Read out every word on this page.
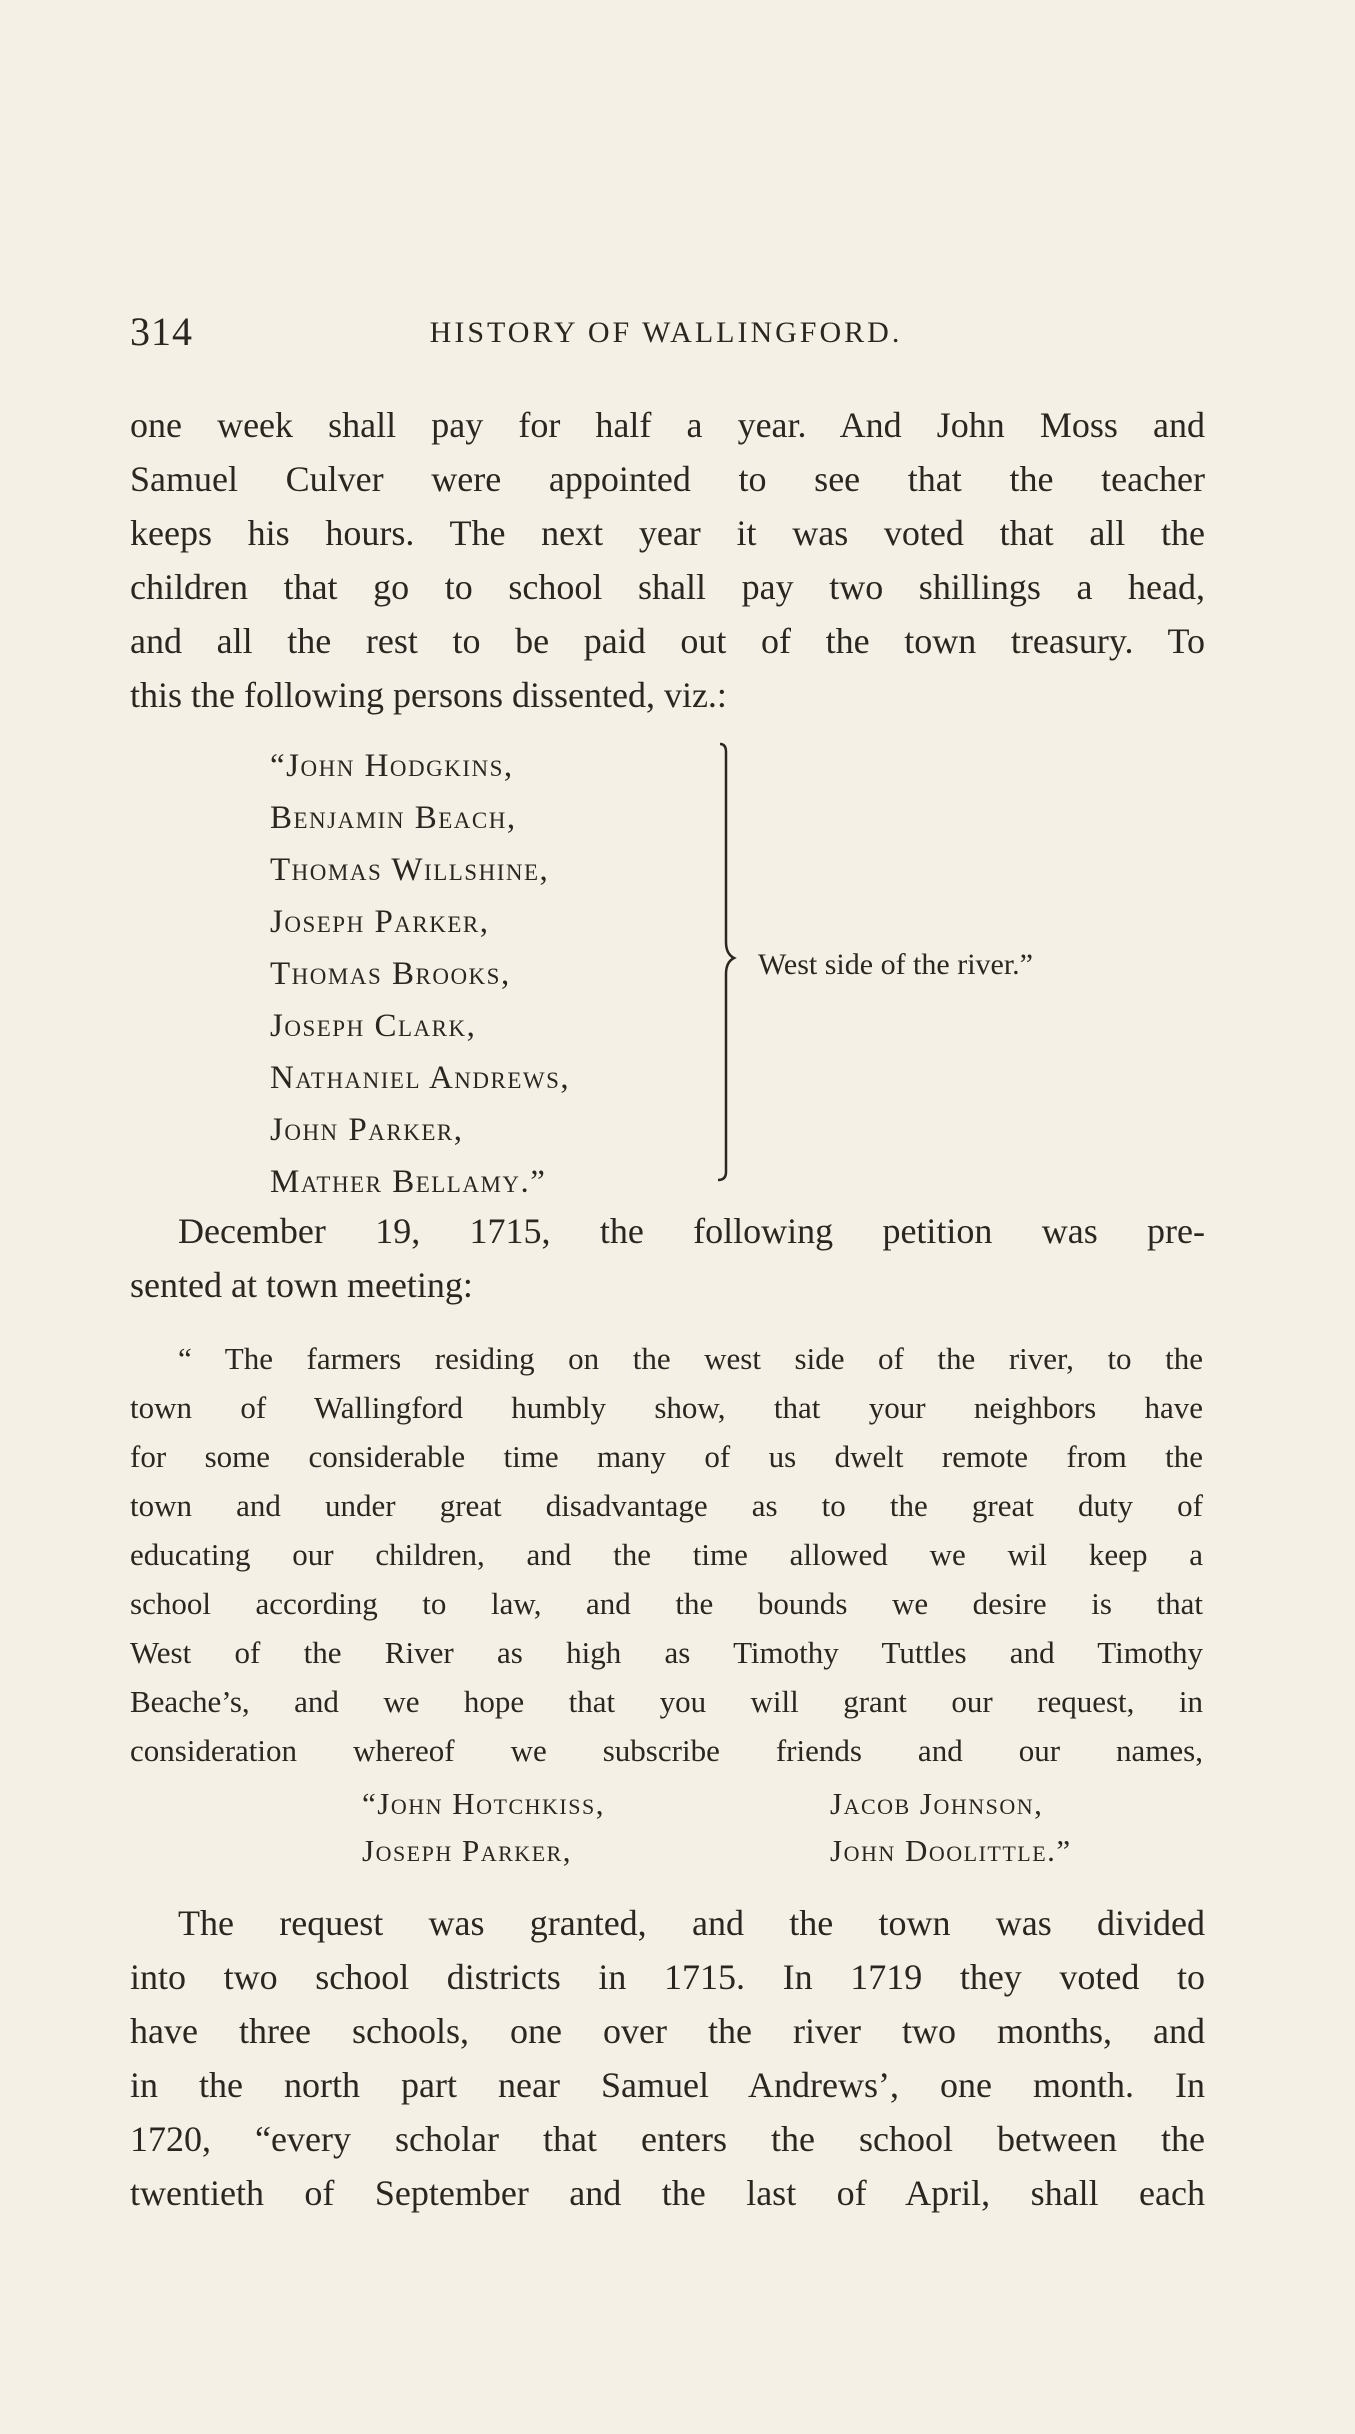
314	HISTORY OF WALLINGFORD.
one week shall pay for half a year. And John Moss and
Samuel Culver were appointed to see that the teacher
keeps his hours. The next year it was voted that all the
children that go to school shall pay two shillings a head,
and all the rest to be paid out of the town treasury. To
this the following persons dissented, viz.:
“John Hodgkins,
Benjamin Beach,
Thomas Willshine,
Joseph Parker,
Thomas Brooks,
Joseph Clark,
Nathaniel Andrews,
John Parker,
Mather Bellamy.”
West side of the river.”
December 19, 1715, the following petition was pre-
sented at town meeting:
“ The farmers residing on the west side of the river, to the
town of Wallingford humbly show, that your neighbors have
for some considerable time many of us dwelt remote from the
town and under great disadvantage as to the great duty of
educating our children, and the time allowed we wil keep a
school according to law, and the bounds we desire is that
West of the River as high as Timothy Tuttles and Timothy
Beache’s, and we hope that you will grant our request, in
consideration whereof we subscribe friends and our names,
“John Hotchkiss,	Jacob Johnson,
Joseph Parker,	John Doolittle.”
The request was granted, and the town was divided
into two school districts in 1715. In 1719 they voted to
have three schools, one over the river two months, and
in the north part near Samuel Andrews’, one month. In
1720, “every scholar that enters the school between the
twentieth of September and the last of April, shall each
